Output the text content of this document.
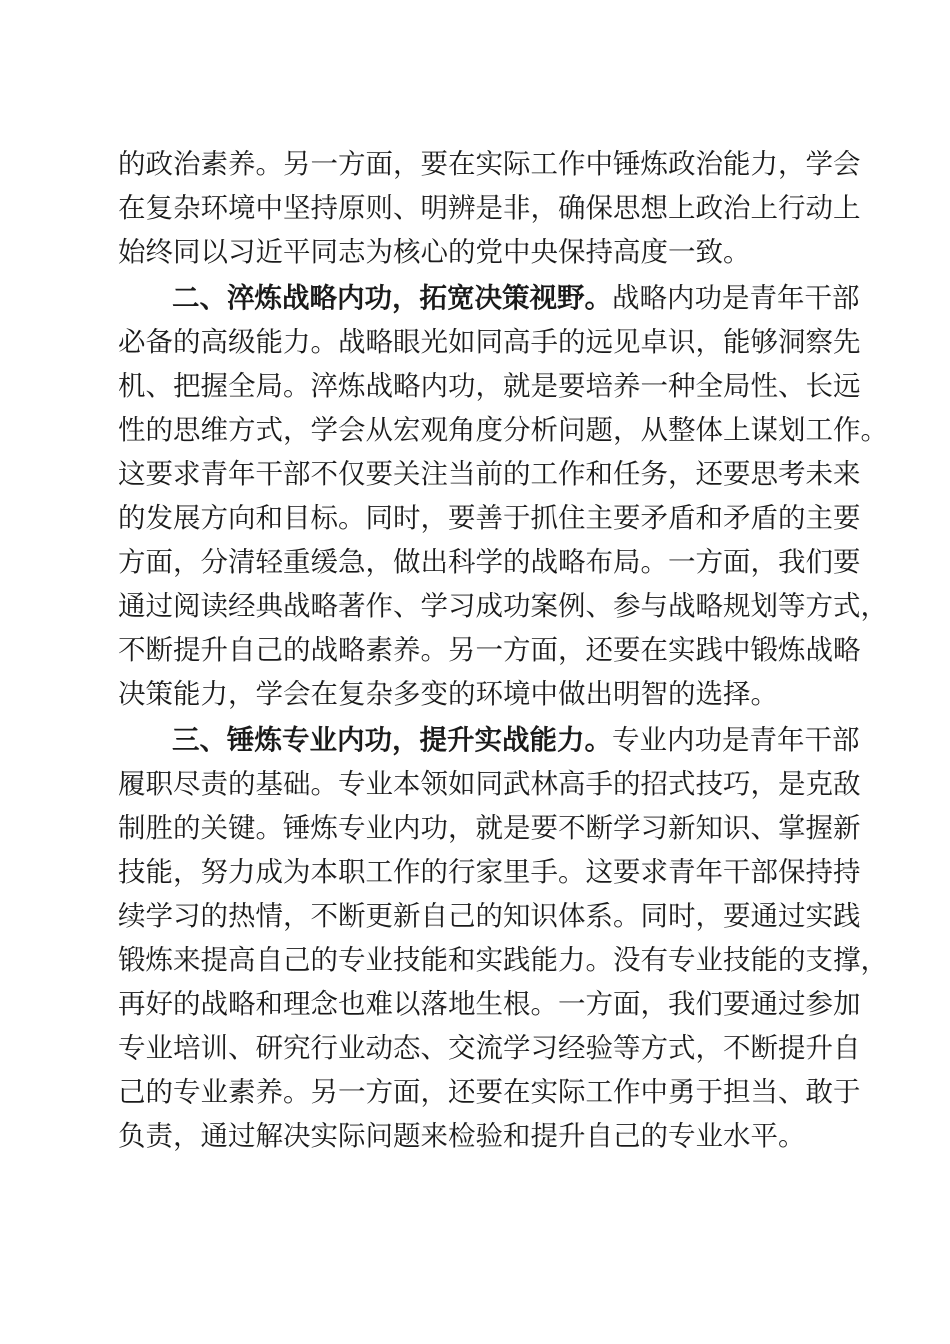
的政治素养。另一方面，要在实际工作中锤炼政治能力，学会
在复杂环境中坚持原则、明辨是非，确保思想上政治上行动上
始终同以习近平同志为核心的党中央保持高度一致。
二、淬炼战略内功，拓宽决策视野。战略内功是青年干部
必备的高级能力。战略眼光如同高手的远见卓识，能够洞察先
机、把握全局。淬炼战略内功，就是要培养一种全局性、长远
性的思维方式，学会从宏观角度分析问题，从整体上谋划工作。
这要求青年干部不仅要关注当前的工作和任务，还要思考未来
的发展方向和目标。同时，要善于抓住主要矛盾和矛盾的主要
方面，分清轻重缓急，做出科学的战略布局。一方面，我们要
通过阅读经典战略著作、学习成功案例、参与战略规划等方式，
不断提升自己的战略素养。另一方面，还要在实践中锻炼战略
决策能力，学会在复杂多变的环境中做出明智的选择。
三、锤炼专业内功，提升实战能力。专业内功是青年干部
履职尽责的基础。专业本领如同武林高手的招式技巧，是克敌
制胜的关键。锤炼专业内功，就是要不断学习新知识、掌握新
技能，努力成为本职工作的行家里手。这要求青年干部保持持
续学习的热情，不断更新自己的知识体系。同时，要通过实践
锻炼来提高自己的专业技能和实践能力。没有专业技能的支撑，
再好的战略和理念也难以落地生根。一方面，我们要通过参加
专业培训、研究行业动态、交流学习经验等方式，不断提升自
己的专业素养。另一方面，还要在实际工作中勇于担当、敢于
负责，通过解决实际问题来检验和提升自己的专业水平。
